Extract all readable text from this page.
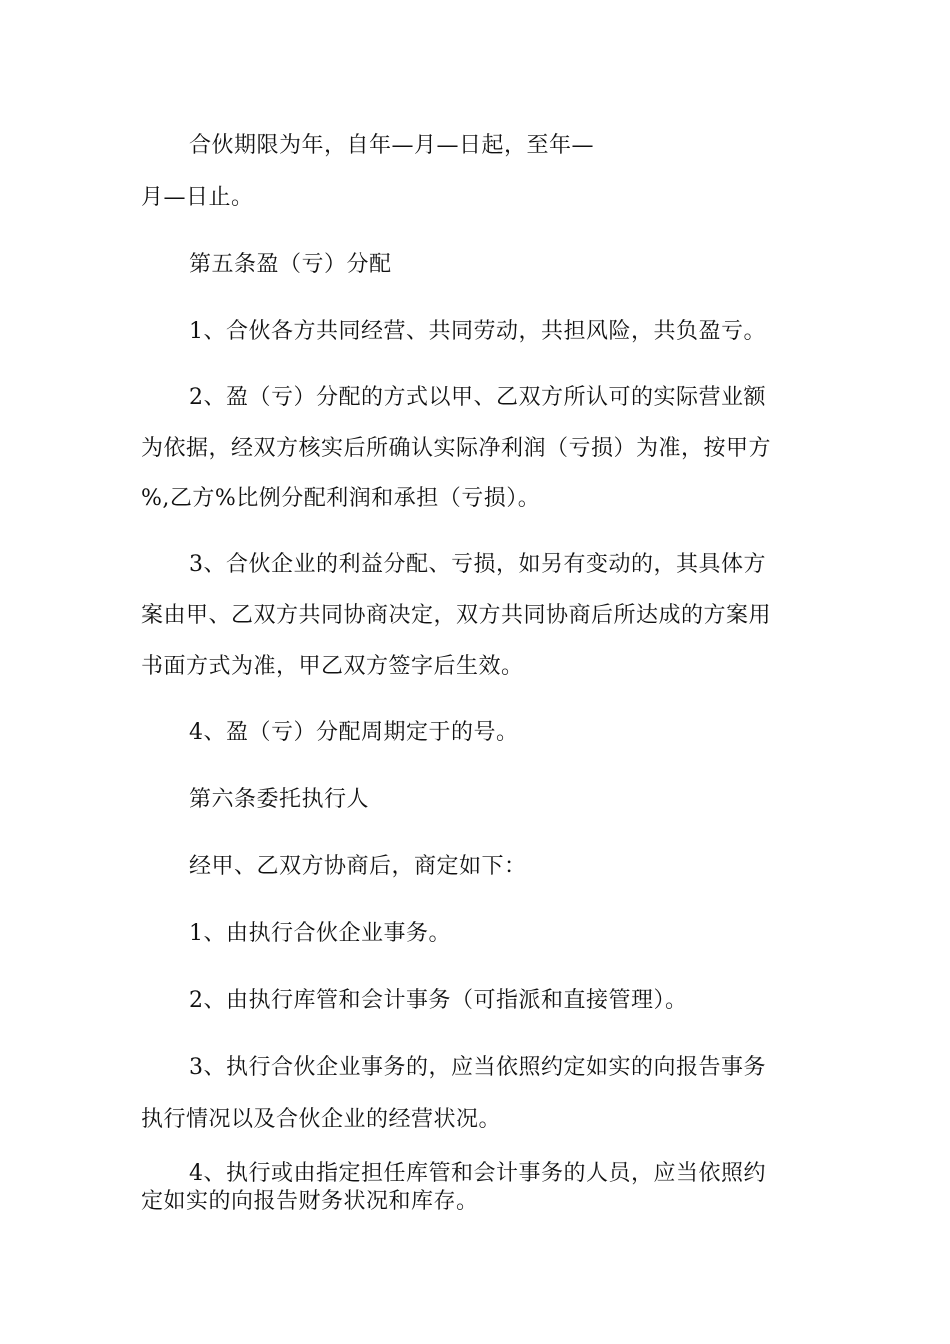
合伙期限为年，自年—月—日起，至年—
月—日止。
第五条盈（亏）分配
1、合伙各方共同经营、共同劳动，共担风险，共负盈亏。
2、盈（亏）分配的方式以甲、乙双方所认可的实际营业额
为依据，经双方核实后所确认实际净利润（亏损）为准，按甲方
%,乙方%比例分配利润和承担（亏损）。
3、合伙企业的利益分配、亏损，如另有变动的，其具体方
案由甲、乙双方共同协商决定，双方共同协商后所达成的方案用
书面方式为准，甲乙双方签字后生效。
4、盈（亏）分配周期定于的号。
第六条委托执行人
经甲、乙双方协商后，商定如下：
1、由执行合伙企业事务。
2、由执行库管和会计事务（可指派和直接管理）。
3、执行合伙企业事务的，应当依照约定如实的向报告事务
执行情况以及合伙企业的经营状况。
4、执行或由指定担任库管和会计事务的人员，应当依照约
定如实的向报告财务状况和库存。
